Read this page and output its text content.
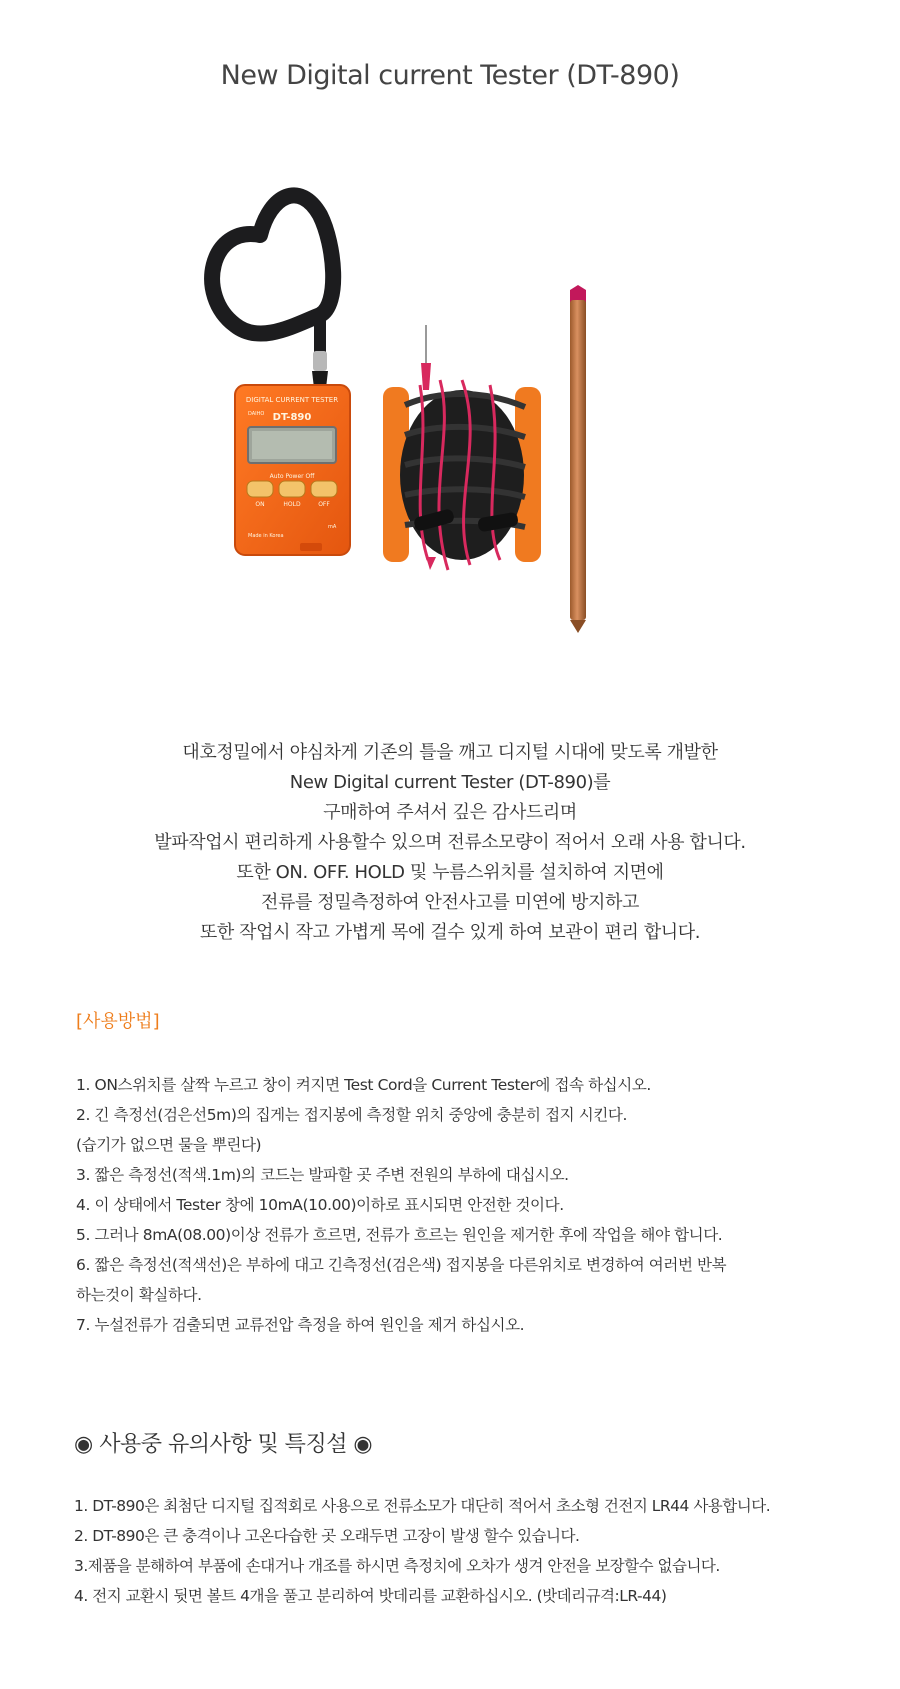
New Digital current Tester (DT-890)
DIGITAL CURRENT TESTER
DT-890
DAIHO
Auto Power Off
ON	HOLD	OFF
Made in Korea
mA

대호정밀에서 야심차게 기존의 틀을 깨고 디지털 시대에 맞도록 개발한

New Digital current Tester (DT-890)를

구매하여 주셔서 깊은 감사드리며

발파작업시 편리하게 사용할수 있으며 전류소모량이 적어서 오래 사용 합니다.

또한 ON. OFF. HOLD 및 누름스위치를 설치하여 지면에

전류를 정밀측정하여 안전사고를 미연에 방지하고

또한 작업시 작고 가볍게 목에 걸수 있게 하여 보관이 편리 합니다.

[사용방법]

1. ON스위치를 살짝 누르고 창이 켜지면 Test Cord을 Current Tester에 접속 하십시오.

2. 긴 측정선(검은선5m)의 집게는 접지봉에 측정할 위치 중앙에 충분히 접지 시킨다.

(습기가 없으면 물을 뿌린다)

3. 짧은 측정선(적색.1m)의 코드는 발파할 곳 주변 전원의 부하에 대십시오.

4. 이 상태에서 Tester 창에 10mA(10.00)이하로 표시되면 안전한 것이다.

5. 그러나 8mA(08.00)이상 전류가 흐르면, 전류가 흐르는 원인을 제거한 후에 작업을 해야 합니다.

6. 짧은 측정선(적색선)은 부하에 대고 긴측정선(검은색) 접지봉을 다른위치로 변경하여 여러번 반복

하는것이 확실하다.

7. 누설전류가 검출되면 교류전압 측정을 하여 원인을 제거 하십시오.

◉ 사용중 유의사항 및 특징설 ◉

1. DT-890은 최첨단 디지털 집적회로 사용으로 전류소모가 대단히 적어서 초소형 건전지 LR44 사용합니다.

2. DT-890은 큰 충격이나 고온다습한 곳 오래두면 고장이 발생 할수 있습니다.

3.제품을 분해하여 부품에 손대거나 개조를 하시면 측정치에 오차가 생겨 안전을 보장할수 없습니다.

4. 전지 교환시 뒷면 볼트 4개을 풀고 분리하여 밧데리를 교환하십시오. (밧데리규격:LR-44)
